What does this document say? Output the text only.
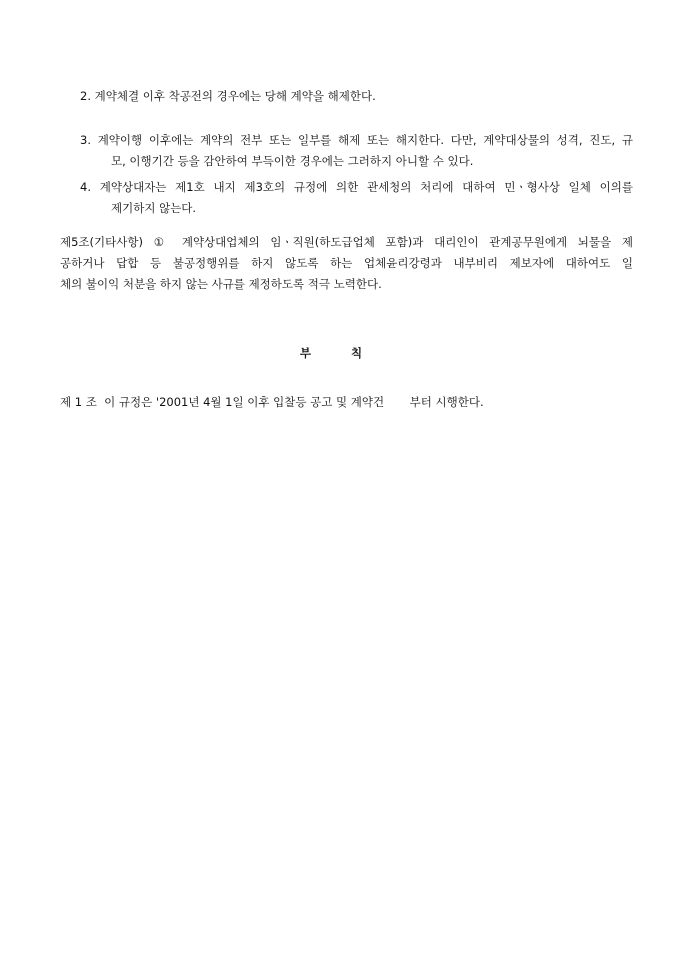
2. 계약체결 이후 착공전의 경우에는 당해 계약을 해제한다.
3. 계약이행 이후에는 계약의 전부 또는 일부를 해제 또는 해지한다. 다만, 계약대상물의 성격, 진도, 규
모, 이행기간 등을 감안하여 부득이한 경우에는 그러하지 아니할 수 있다.
4. 계약상대자는 제1호 내지 제3호의 규정에 의한 관세청의 처리에 대하여 민ㆍ형사상 일체 이의를
제기하지 않는다.
제5조(기타사항) ① 계약상대업체의 임ㆍ직원(하도급업체 포함)과 대리인이 관계공무원에게 뇌물을 제
공하거나 답합 등 불공정행위를 하지 않도록 하는 업체윤리강령과 내부비리 제보자에 대하여도 일
체의 불이익 처분을 하지 않는 사규를 제정하도록 적극 노력한다.
부 칙
제 1 조  이 규정은 '2001년 4월 1일 이후 입찰등 공고 및 계약건       부터 시행한다.
